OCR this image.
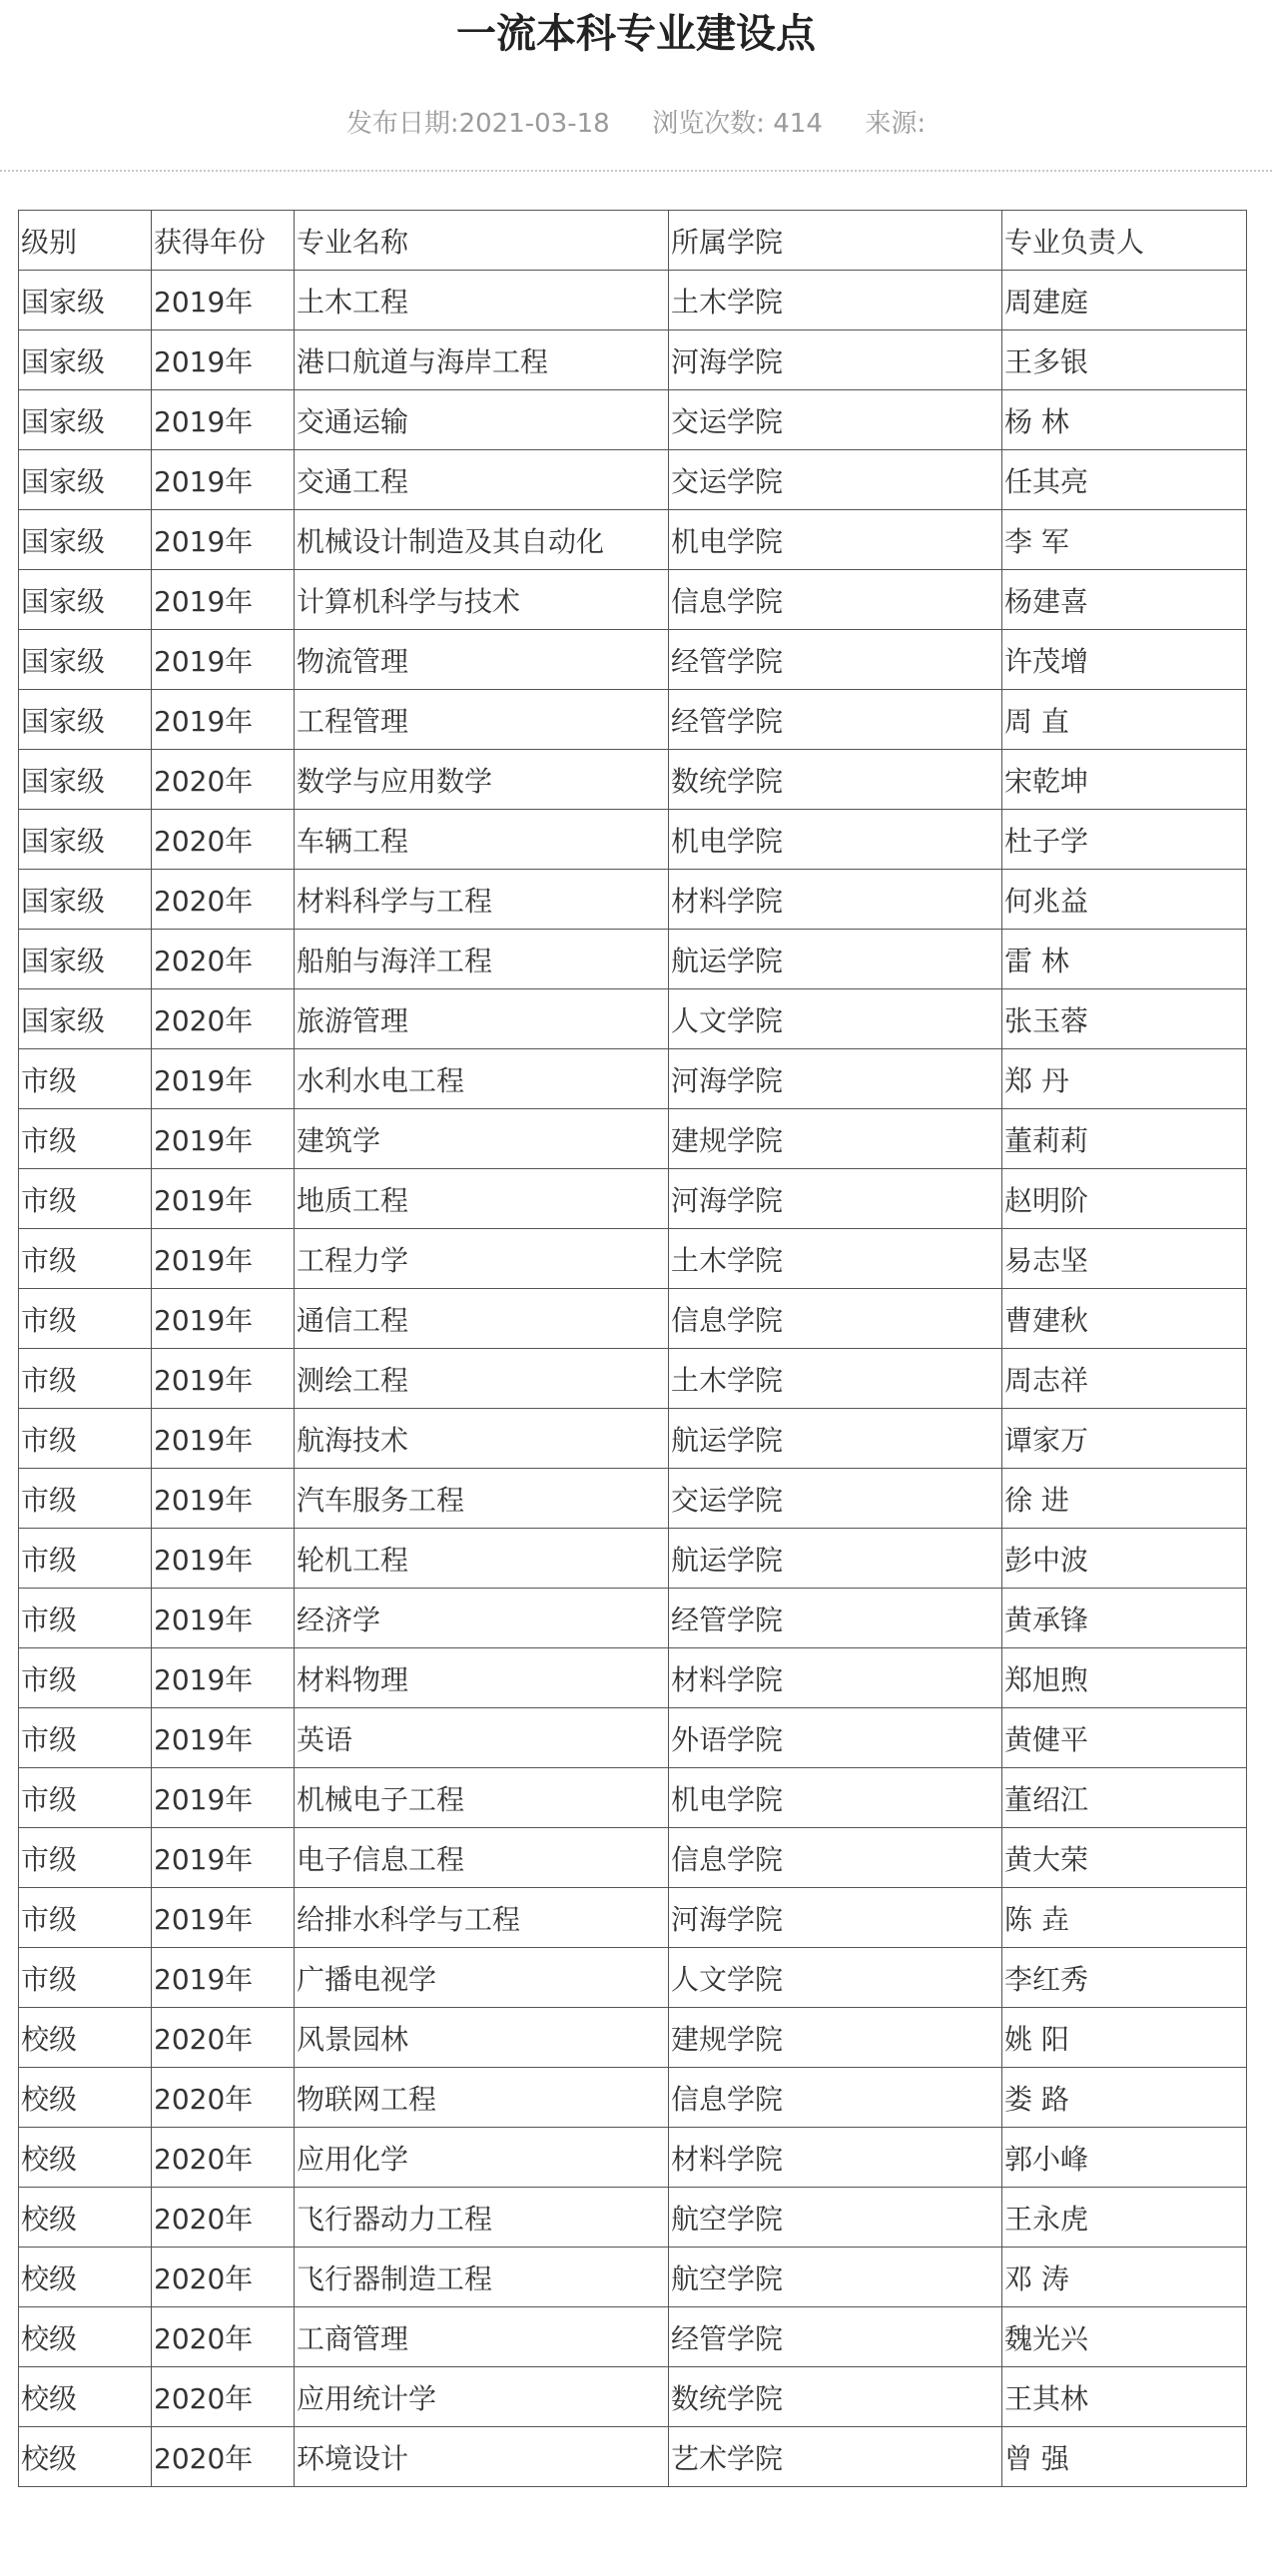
一流本科专业建设点
发布日期:2021-03-18 浏览次数: 414 来源:
级别	获得年份	专业名称	所属学院	专业负责人
国家级	2019年	土木工程	土木学院	周建庭
国家级	2019年	港口航道与海岸工程	河海学院	王多银
国家级	2019年	交通运输	交运学院	杨 林
国家级	2019年	交通工程	交运学院	任其亮
国家级	2019年	机械设计制造及其自动化	机电学院	李 军
国家级	2019年	计算机科学与技术	信息学院	杨建喜
国家级	2019年	物流管理	经管学院	许茂增
国家级	2019年	工程管理	经管学院	周 直
国家级	2020年	数学与应用数学	数统学院	宋乾坤
国家级	2020年	车辆工程	机电学院	杜子学
国家级	2020年	材料科学与工程	材料学院	何兆益
国家级	2020年	船舶与海洋工程	航运学院	雷 林
国家级	2020年	旅游管理	人文学院	张玉蓉
市级	2019年	水利水电工程	河海学院	郑 丹
市级	2019年	建筑学	建规学院	董莉莉
市级	2019年	地质工程	河海学院	赵明阶
市级	2019年	工程力学	土木学院	易志坚
市级	2019年	通信工程	信息学院	曹建秋
市级	2019年	测绘工程	土木学院	周志祥
市级	2019年	航海技术	航运学院	谭家万
市级	2019年	汽车服务工程	交运学院	徐 进
市级	2019年	轮机工程	航运学院	彭中波
市级	2019年	经济学	经管学院	黄承锋
市级	2019年	材料物理	材料学院	郑旭煦
市级	2019年	英语	外语学院	黄健平
市级	2019年	机械电子工程	机电学院	董绍江
市级	2019年	电子信息工程	信息学院	黄大荣
市级	2019年	给排水科学与工程	河海学院	陈 垚
市级	2019年	广播电视学	人文学院	李红秀
校级	2020年	风景园林	建规学院	姚 阳
校级	2020年	物联网工程	信息学院	娄 路
校级	2020年	应用化学	材料学院	郭小峰
校级	2020年	飞行器动力工程	航空学院	王永虎
校级	2020年	飞行器制造工程	航空学院	邓 涛
校级	2020年	工商管理	经管学院	魏光兴
校级	2020年	应用统计学	数统学院	王其林
校级	2020年	环境设计	艺术学院	曾 强
